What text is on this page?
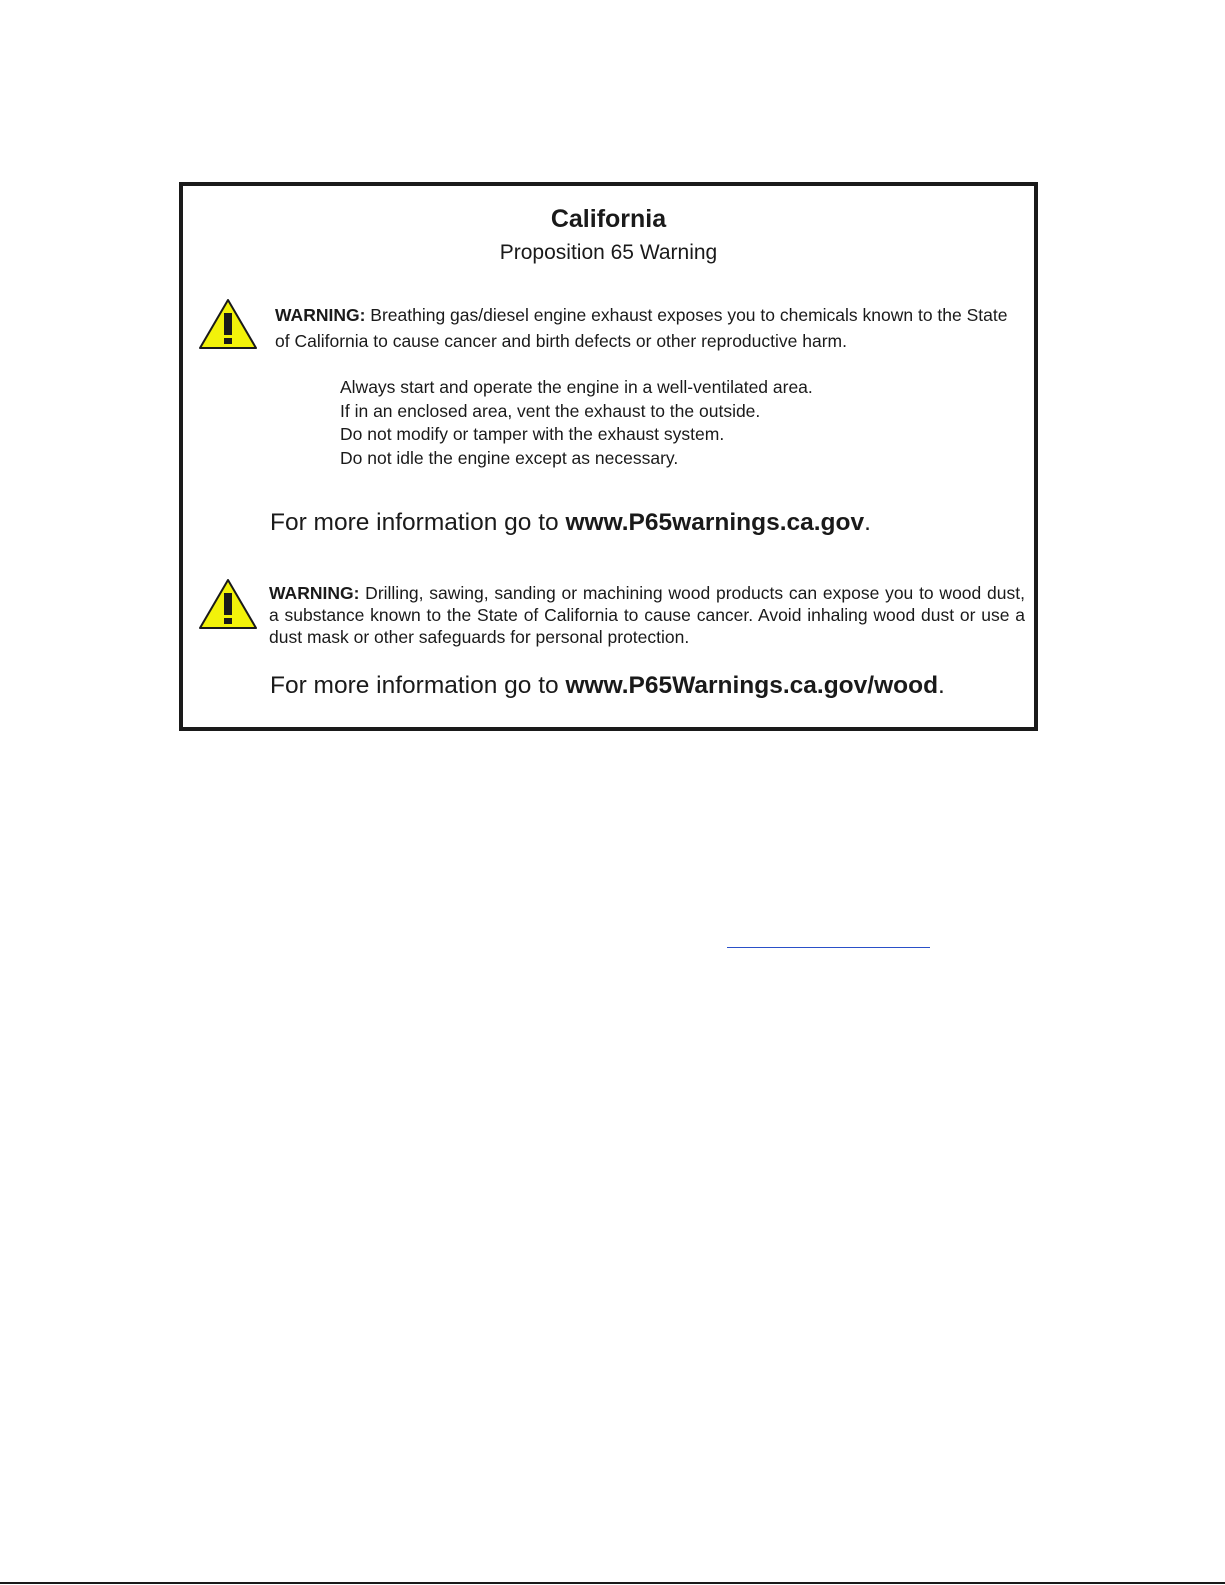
California
Proposition 65 Warning
WARNING: Breathing gas/diesel engine exhaust exposes you to chemicals known to the State of California to cause cancer and birth defects or other reproductive harm.
Always start and operate the engine in a well-ventilated area.
If in an enclosed area, vent the exhaust to the outside.
Do not modify or tamper with the exhaust system.
Do not idle the engine except as necessary.
For more information go to www.P65warnings.ca.gov.
WARNING: Drilling, sawing, sanding or machining wood products can expose you to wood dust, a substance known to the State of California to cause cancer. Avoid inhaling wood dust or use a dust mask or other safeguards for personal protection.
For more information go to www.P65Warnings.ca.gov/wood.
